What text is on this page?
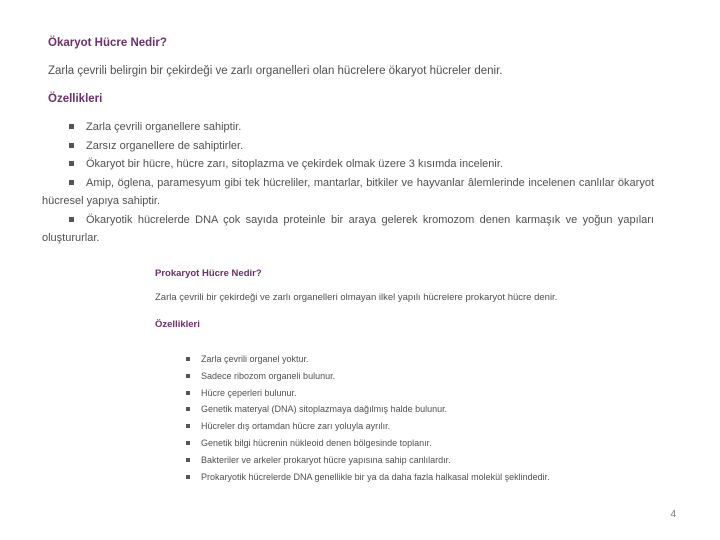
Ökaryot Hücre Nedir?
Zarla çevrili belirgin bir çekirdeği ve zarlı organelleri olan hücrelere ökaryot hücreler denir.
Özellikleri
Zarla çevrili organellere sahiptir.
Zarsız organellere de sahiptirler.
Ökaryot bir hücre, hücre zarı, sitoplazma ve çekirdek olmak üzere 3 kısımda incelenir.
Amip, öglena, paramesyum gibi tek hücreliler, mantarlar, bitkiler ve hayvanlar âlemlerinde incelenen canlılar ökaryot hücresel yapıya sahiptir.
Ökaryotik hücrelerde DNA çok sayıda proteinle bir araya gelerek kromozom denen karmaşık ve yoğun yapıları oluştururlar.
Prokaryot Hücre Nedir?
Zarla çevrili bir çekirdeği ve zarlı organelleri olmayan ilkel yapılı hücrelere prokaryot hücre denir.
Özellikleri
Zarla çevrili organel yoktur.
Sadece ribozom organeli bulunur.
Hücre çeperleri bulunur.
Genetik materyal (DNA) sitoplazmaya dağılmış halde bulunur.
Hücreler dış ortamdan hücre zarı yoluyla ayrılır.
Genetik bilgi hücrenin nükleoid denen bölgesinde toplanır.
Bakteriler ve arkeler prokaryot hücre yapısına sahip canlılardır.
Prokaryotik hücrelerde DNA genellikle bir ya da daha fazla halkasal molekül şeklindedir.
4
